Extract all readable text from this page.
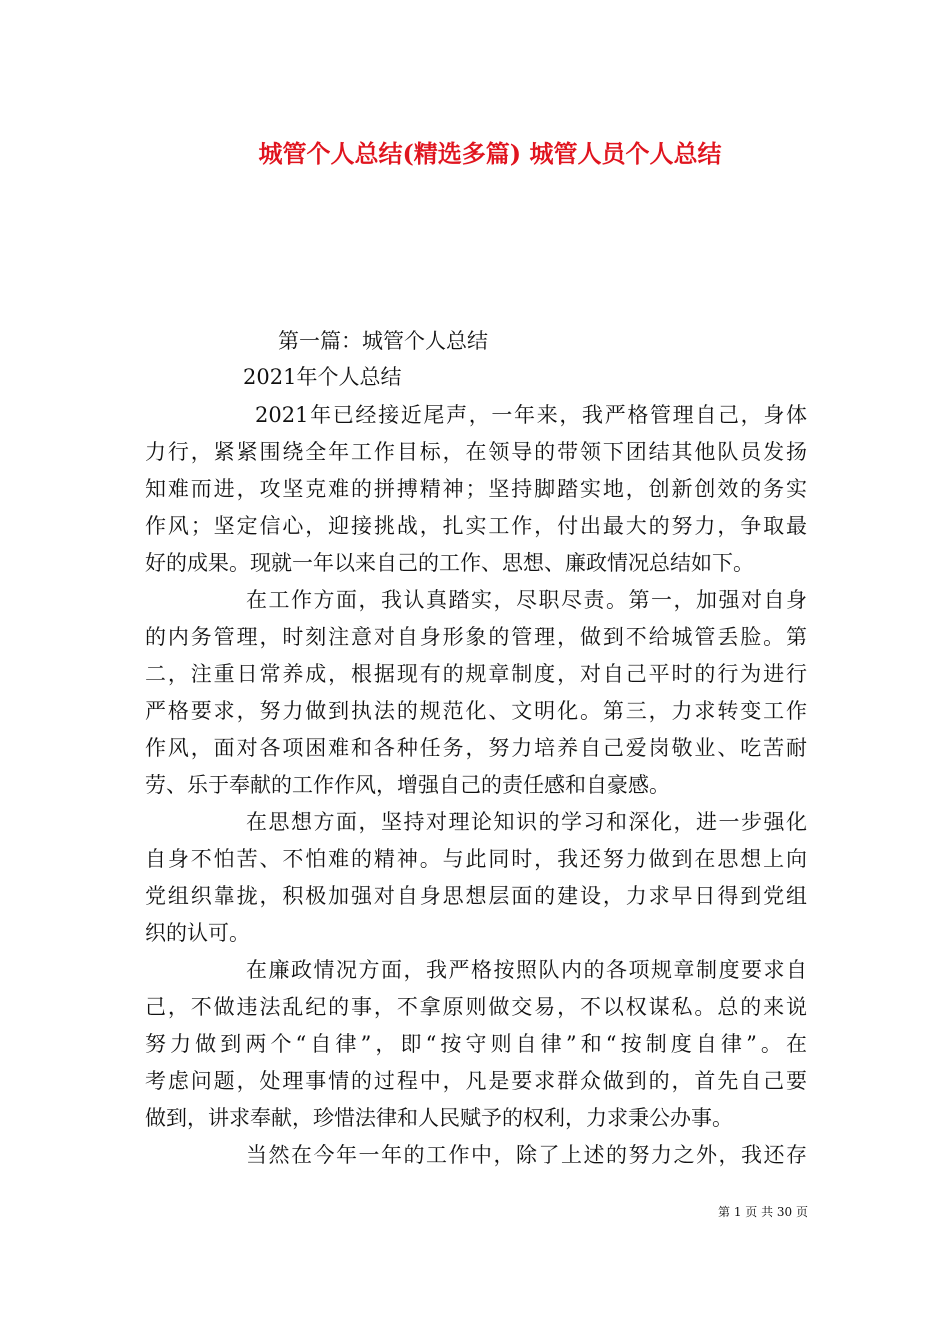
城管个人总结(精选多篇) 城管人员个人总结
第一篇：城管个人总结
2021年个人总结
2021年已经接近尾声，一年来，我严格管理自己，身体
力行，紧紧围绕全年工作目标，在领导的带领下团结其他队员发扬
知难而进，攻坚克难的拼搏精神；坚持脚踏实地，创新创效的务实
作风；坚定信心，迎接挑战，扎实工作，付出最大的努力，争取最
好的成果。现就一年以来自己的工作、思想、廉政情况总结如下。
在工作方面，我认真踏实，尽职尽责。第一，加强对自身
的内务管理，时刻注意对自身形象的管理，做到不给城管丢脸。第
二，注重日常养成，根据现有的规章制度，对自己平时的行为进行
严格要求，努力做到执法的规范化、文明化。第三，力求转变工作
作风，面对各项困难和各种任务，努力培养自己爱岗敬业、吃苦耐
劳、乐于奉献的工作作风，增强自己的责任感和自豪感。
在思想方面，坚持对理论知识的学习和深化，进一步强化
自身不怕苦、不怕难的精神。与此同时，我还努力做到在思想上向
党组织靠拢，积极加强对自身思想层面的建设，力求早日得到党组
织的认可。
在廉政情况方面，我严格按照队内的各项规章制度要求自
己，不做违法乱纪的事，不拿原则做交易，不以权谋私。总的来说
努力做到两个“自律”，即“按守则自律”和“按制度自律”。在
考虑问题，处理事情的过程中，凡是要求群众做到的，首先自己要
做到，讲求奉献，珍惜法律和人民赋予的权利，力求秉公办事。
当然在今年一年的工作中，除了上述的努力之外，我还存
第 1 页 共 30 页
